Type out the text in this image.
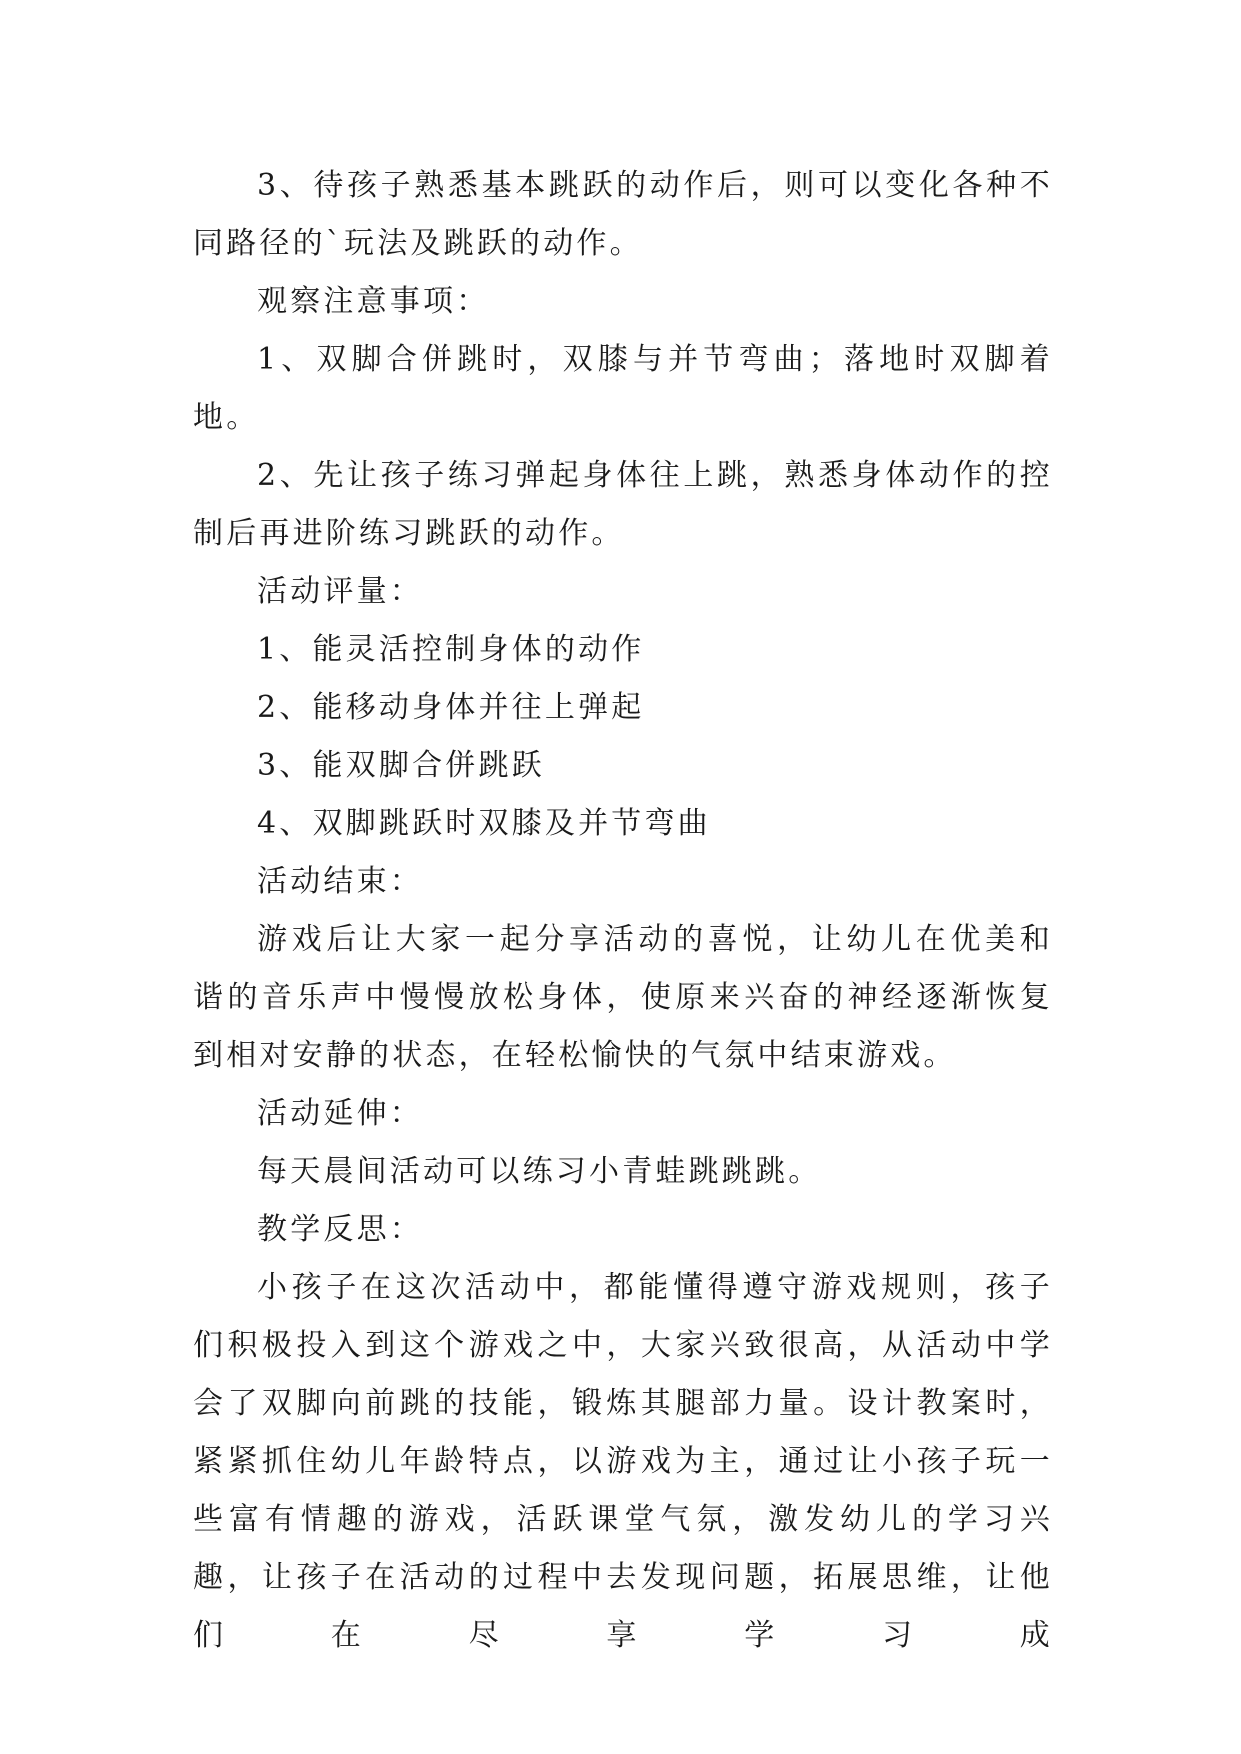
3、待孩子熟悉基本跳跃的动作后，则可以变化各种不同路径的`玩法及跳跃的动作。

观察注意事项：

1、双脚合併跳时，双膝与并节弯曲；落地时双脚着地。

2、先让孩子练习弹起身体往上跳，熟悉身体动作的控制后再进阶练习跳跃的动作。

活动评量：

1、能灵活控制身体的动作

2、能移动身体并往上弹起

3、能双脚合併跳跃

4、双脚跳跃时双膝及并节弯曲

活动结束：

游戏后让大家一起分享活动的喜悦，让幼儿在优美和谐的音乐声中慢慢放松身体，使原来兴奋的神经逐渐恢复到相对安静的状态，在轻松愉快的气氛中结束游戏。

活动延伸：

每天晨间活动可以练习小青蛙跳跳跳。

教学反思：

小孩子在这次活动中，都能懂得遵守游戏规则，孩子们积极投入到这个游戏之中，大家兴致很高，从活动中学会了双脚向前跳的技能，锻炼其腿部力量。设计教案时，紧紧抓住幼儿年龄特点，以游戏为主，通过让小孩子玩一些富有情趣的游戏，活跃课堂气氛，激发幼儿的学习兴趣，让孩子在活动的过程中去发现问题，拓展思维，让他们在尽享学习成
